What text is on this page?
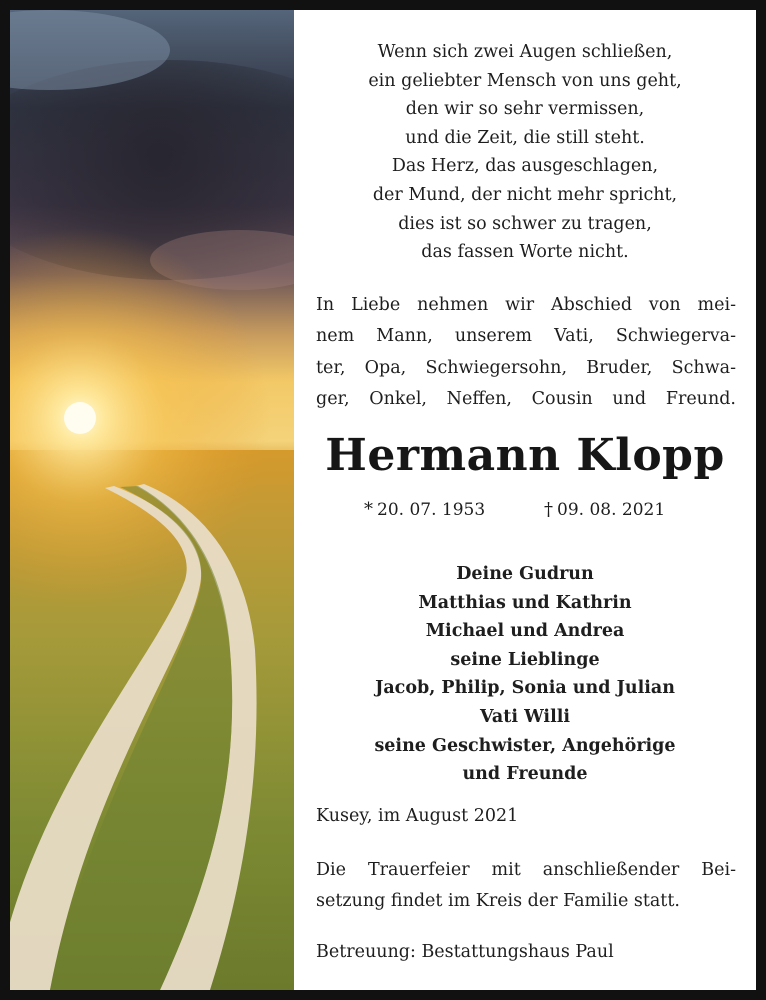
Wenn sich zwei Augen schließen,
ein geliebter Mensch von uns geht,
den wir so sehr vermissen,
und die Zeit, die still steht.
Das Herz, das ausgeschlagen,
der Mund, der nicht mehr spricht,
dies ist so schwer zu tragen,
das fassen Worte nicht.
In Liebe nehmen wir Abschied von mei-
nem Mann, unserem Vati, Schwiegerva-
ter, Opa, Schwiegersohn, Bruder, Schwa-
ger, Onkel, Neffen, Cousin und Freund.
Hermann Klopp
* 20. 07. 1953	† 09. 08. 2021
Deine Gudrun
Matthias und Kathrin
Michael und Andrea
seine Lieblinge
Jacob, Philip, Sonia und Julian
Vati Willi
seine Geschwister, Angehörige
und Freunde
Kusey, im August 2021
Die Trauerfeier mit anschließender Bei-
setzung findet im Kreis der Familie statt.
Betreuung: Bestattungshaus Paul
